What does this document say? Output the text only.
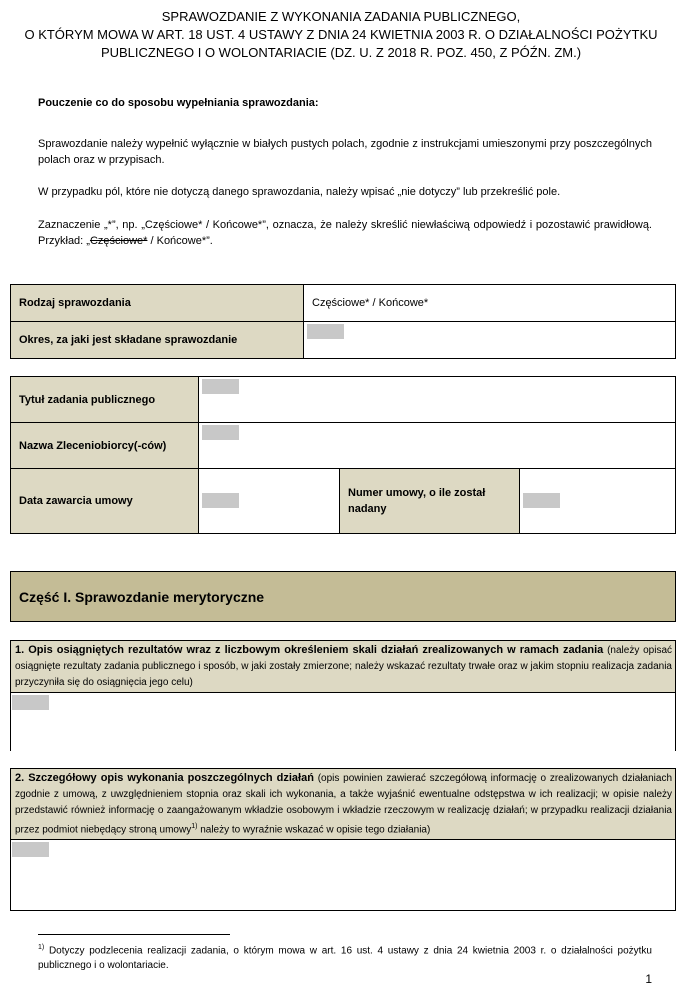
SPRAWOZDANIE Z WYKONANIA ZADANIA PUBLICZNEGO,
O KTÓRYM MOWA W ART. 18 UST. 4 USTAWY Z DNIA 24 KWIETNIA 2003 R. O DZIAŁALNOŚCI POŻYTKU
PUBLICZNEGO I O WOLONTARIACIE (DZ. U. Z 2018 R. POZ. 450, Z PÓŹN. ZM.)
Pouczenie co do sposobu wypełniania sprawozdania:
Sprawozdanie należy wypełnić wyłącznie w białych pustych polach, zgodnie z instrukcjami umieszonymi przy poszczególnych polach oraz w przypisach.
W przypadku pól, które nie dotyczą danego sprawozdania, należy wpisać „nie dotyczy” lub przekreślić pole.
Zaznaczenie „*”, np. „Częściowe* / Końcowe*”, oznacza, że należy skreślić niewłaściwą odpowiedź i pozostawić prawidłową. Przykład: „Częściowe* / Końcowe*”.
Rodzaj sprawozdania	Częściowe* / Końcowe*
Okres, za jaki jest składane sprawozdanie	
Tytuł zadania publicznego			

Nazwa Zleceniobiorcy(-ców)			

Data zawarcia umowy		Numer umowy, o ile został nadany	
Część I. Sprawozdanie merytoryczne
1. Opis osiągniętych rezultatów wraz z liczbowym określeniem skali działań zrealizowanych w ramach zadania (należy opisać osiągnięte rezultaty zadania publicznego i sposób, w jaki zostały zmierzone; należy wskazać rezultaty trwałe oraz w jakim stopniu realizacja zadania przyczyniła się do osiągnięcia jego celu)
2. Szczegółowy opis wykonania poszczególnych działań (opis powinien zawierać szczegółową informację o zrealizowanych działaniach zgodnie z umową, z uwzględnieniem stopnia oraz skali ich wykonania, a także wyjaśnić ewentualne odstępstwa w ich realizacji; w opisie należy przedstawić również informację o zaangażowanym wkładzie osobowym i wkładzie rzeczowym w realizację działań; w przypadku realizacji działania przez podmiot niebędący stroną umowy$^{1)}$ należy to wyraźnie wskazać w opisie tego działania)
$^{1)}$ Dotyczy podzlecenia realizacji zadania, o którym mowa w art. 16 ust. 4 ustawy z dnia 24 kwietnia 2003 r. o działalności pożytku publicznego i o wolontariacie.
1
